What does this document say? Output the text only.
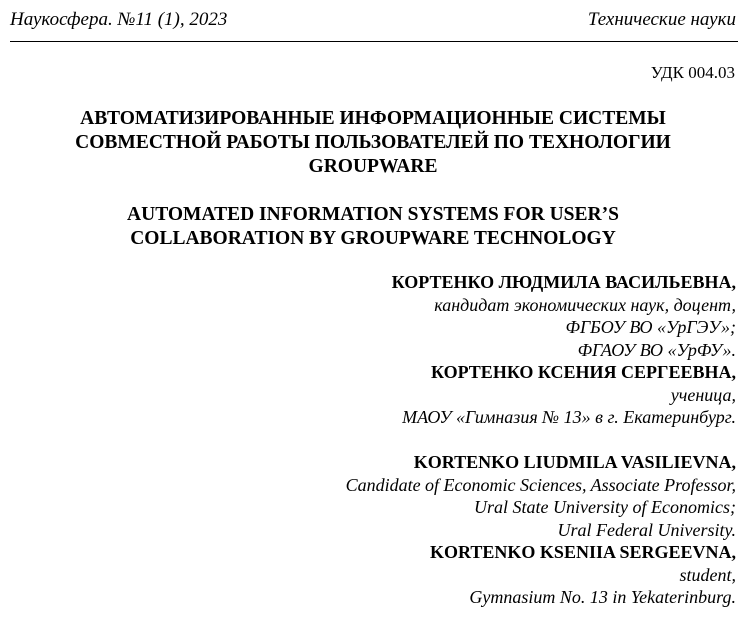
Наукосфера. №11 (1), 2023	Технические науки
УДК 004.03
АВТОМАТИЗИРОВАННЫЕ ИНФОРМАЦИОННЫЕ СИСТЕМЫ
СОВМЕСТНОЙ РАБОТЫ ПОЛЬЗОВАТЕЛЕЙ ПО ТЕХНОЛОГИИ
GROUPWARE
AUTOMATED INFORMATION SYSTEMS FOR USER’S
COLLABORATION BY GROUPWARE TECHNOLOGY
КОРТЕНКО ЛЮДМИЛА ВАСИЛЬЕВНА,
кандидат экономических наук, доцент,
ФГБОУ ВО «УрГЭУ»;
ФГАОУ ВО «УрФУ».
КОРТЕНКО КСЕНИЯ СЕРГЕЕВНА,
ученица,
МАОУ «Гимназия № 13» в г. Екатеринбург.
KORTENKO LIUDMILA VASILIEVNA,
Candidate of Economic Sciences, Associate Professor,
Ural State University of Economics;
Ural Federal University.
KORTENKO KSENIIA SERGEEVNA,
student,
Gymnasium No. 13 in Yekaterinburg.
